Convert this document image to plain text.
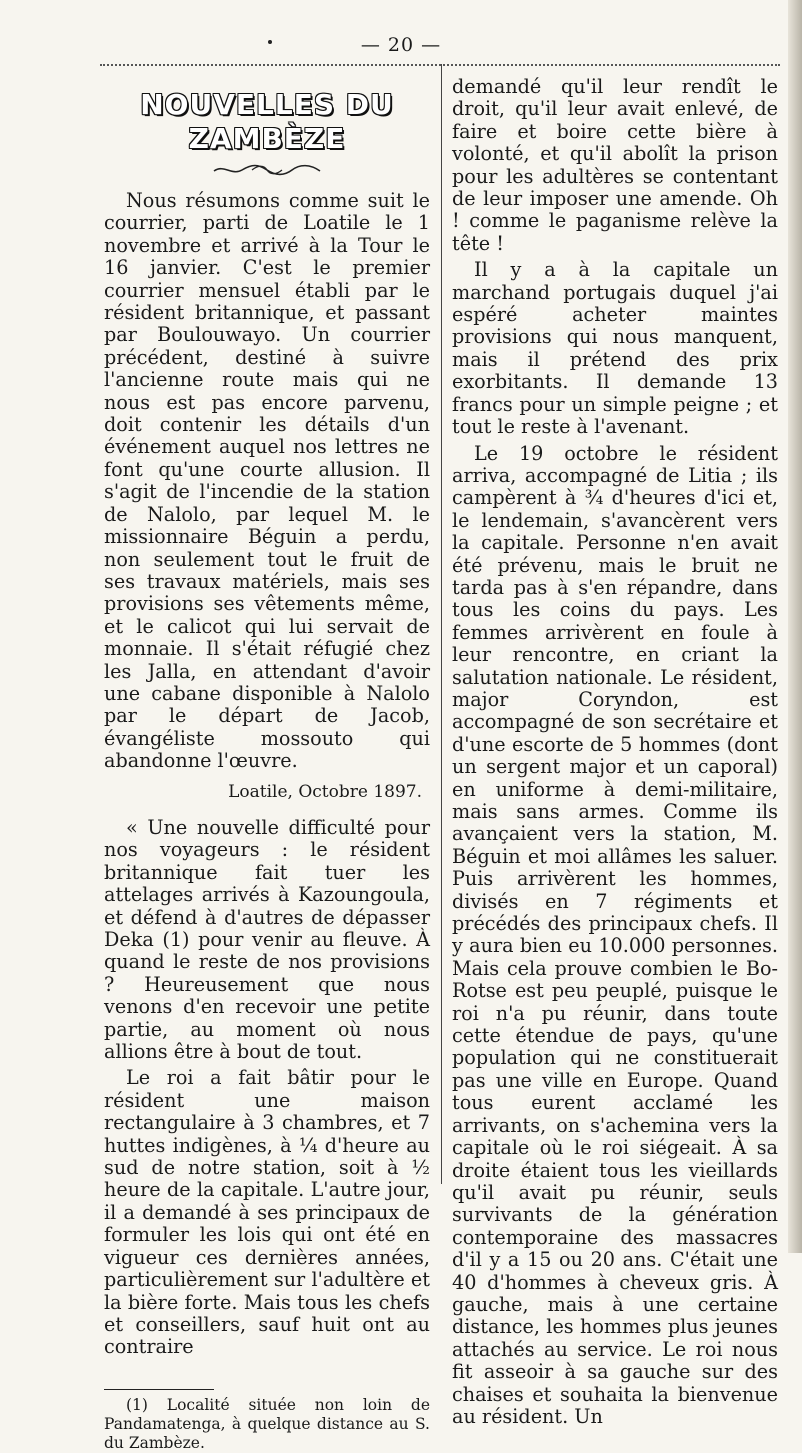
— 20 —
NOUVELLES DU ZAMBÈZE

Nous résumons comme suit le courrier, parti de Loatile le 1 novembre et arrivé à la Tour le 16 janvier. C'est le premier courrier mensuel établi par le résident britannique, et passant par Boulouwayo. Un courrier précédent, destiné à suivre l'ancienne route mais qui ne nous est pas encore parvenu, doit contenir les détails d'un événement auquel nos lettres ne font qu'une courte allusion. Il s'agit de l'incendie de la station de Nalolo, par lequel M. le missionnaire Béguin a perdu, non seulement tout le fruit de ses travaux matériels, mais ses provisions ses vêtements même, et le calicot qui lui servait de monnaie. Il s'était réfugié chez les Jalla, en attendant d'avoir une cabane disponible à Nalolo par le départ de Jacob, évangéliste mossouto qui abandonne l'œuvre.

Loatile, Octobre 1897.

« Une nouvelle difficulté pour nos voyageurs : le résident britannique fait tuer les attelages arrivés à Kazoungoula, et défend à d'autres de dépasser Deka (1) pour venir au fleuve. À quand le reste de nos provisions ? Heureusement que nous venons d'en recevoir une petite partie, au moment où nous allions être à bout de tout.

Le roi a fait bâtir pour le résident une maison rectangulaire à 3 chambres, et 7 huttes indigènes, à ¼ d'heure au sud de notre station, soit à ½ heure de la capitale. L'autre jour, il a demandé à ses principaux de formuler les lois qui ont été en vigueur ces dernières années, particulièrement sur l'adultère et la bière forte. Mais tous les chefs et conseillers, sauf huit ont au contraire

(1) Localité située non loin de Pandamatenga, à quelque distance au S. du Zambèze.

demandé qu'il leur rendît le droit, qu'il leur avait enlevé, de faire et boire cette bière à volonté, et qu'il abolît la prison pour les adultères se contentant de leur imposer une amende. Oh ! comme le paganisme relève la tête !

Il y a à la capitale un marchand portugais duquel j'ai espéré acheter maintes provisions qui nous manquent, mais il prétend des prix exorbitants. Il demande 13 francs pour un simple peigne ; et tout le reste à l'avenant.

Le 19 octobre le résident arriva, accompagné de Litia ; ils campèrent à ¾ d'heures d'ici et, le lendemain, s'avancèrent vers la capitale. Personne n'en avait été prévenu, mais le bruit ne tarda pas à s'en répandre, dans tous les coins du pays. Les femmes arrivèrent en foule à leur rencontre, en criant la salutation nationale. Le résident, major Coryndon, est accompagné de son secrétaire et d'une escorte de 5 hommes (dont un sergent major et un caporal) en uniforme à demi-militaire, mais sans armes. Comme ils avançaient vers la station, M. Béguin et moi allâmes les saluer. Puis arrivèrent les hommes, divisés en 7 régiments et précédés des principaux chefs. Il y aura bien eu 10.000 personnes. Mais cela prouve combien le Bo-Rotse est peu peuplé, puisque le roi n'a pu réunir, dans toute cette étendue de pays, qu'une population qui ne constituerait pas une ville en Europe. Quand tous eurent acclamé les arrivants, on s'achemina vers la capitale où le roi siégeait. À sa droite étaient tous les vieillards qu'il avait pu réunir, seuls survivants de la génération contemporaine des massacres d'il y a 15 ou 20 ans. C'était une 40 d'hommes à cheveux gris. À gauche, mais à une certaine distance, les hommes plus jeunes attachés au service. Le roi nous fit asseoir à sa gauche sur des chaises et souhaita la bienvenue au résident. Un
